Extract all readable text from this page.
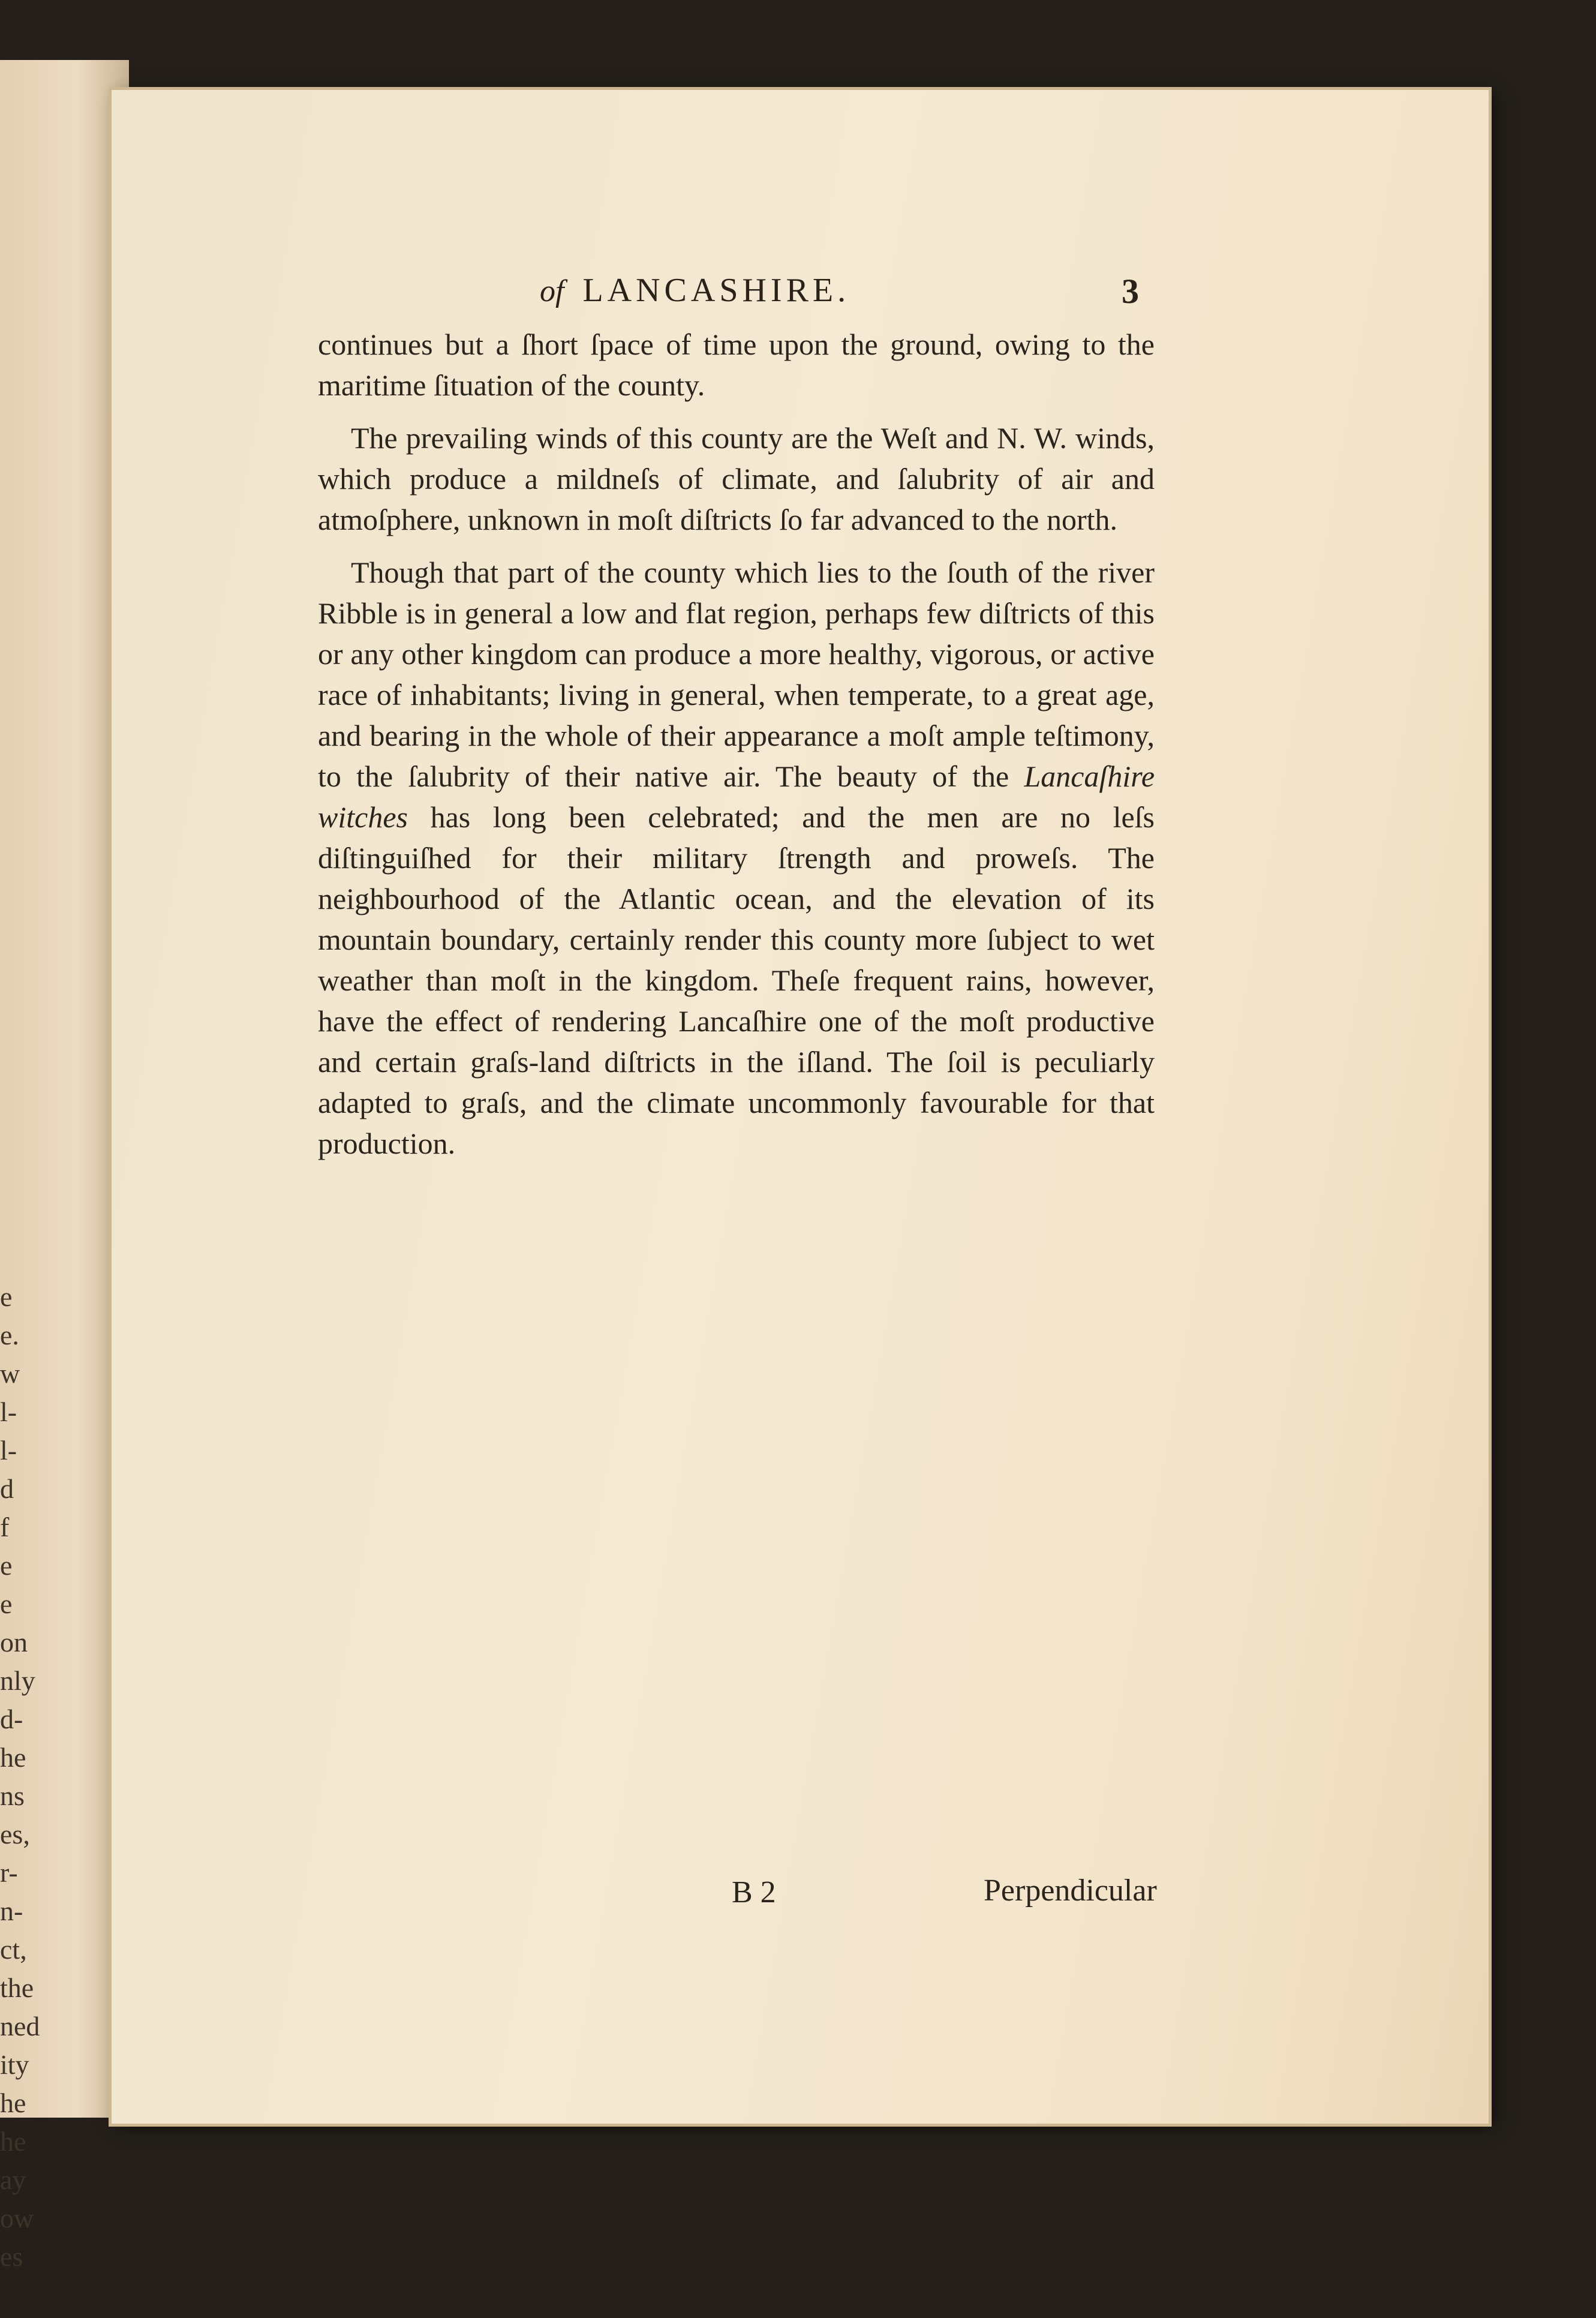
e
e.
w
l-
l-
d
f
e
e
on
nly
d-
he
ns
es,
r-
n-
ct,
the
ned
ity
he
he
ay
ow
es
of LANCASHIRE.	3

continues but a ſhort ſpace of time upon the ground, owing to the maritime ſituation of the county.

The prevailing winds of this county are the Weſt and N. W. winds, which produce a mildneſs of climate, and ſalubrity of air and atmoſphere, unknown in moſt diſtricts ſo far advanced to the north.

Though that part of the county which lies to the ſouth of the river Ribble is in general a low and flat region, perhaps few diſtricts of this or any other kingdom can produce a more healthy, vigorous, or active race of inhabitants; living in general, when temperate, to a great age, and bearing in the whole of their appearance a moſt ample teſtimony, to the ſalubrity of their native air. The beauty of the Lancaſhire witches has long been celebrated; and the men are no leſs diſtinguiſhed for their military ſtrength and proweſs. The neighbourhood of the Atlantic ocean, and the elevation of its mountain boundary, certainly render this county more ſubject to wet weather than moſt in the kingdom. Theſe frequent rains, however, have the effect of rendering Lancaſhire one of the moſt productive and certain graſs-land diſtricts in the iſland. The ſoil is peculiarly adapted to graſs, and the climate uncommonly favourable for that production.

B 2	Perpendicular
